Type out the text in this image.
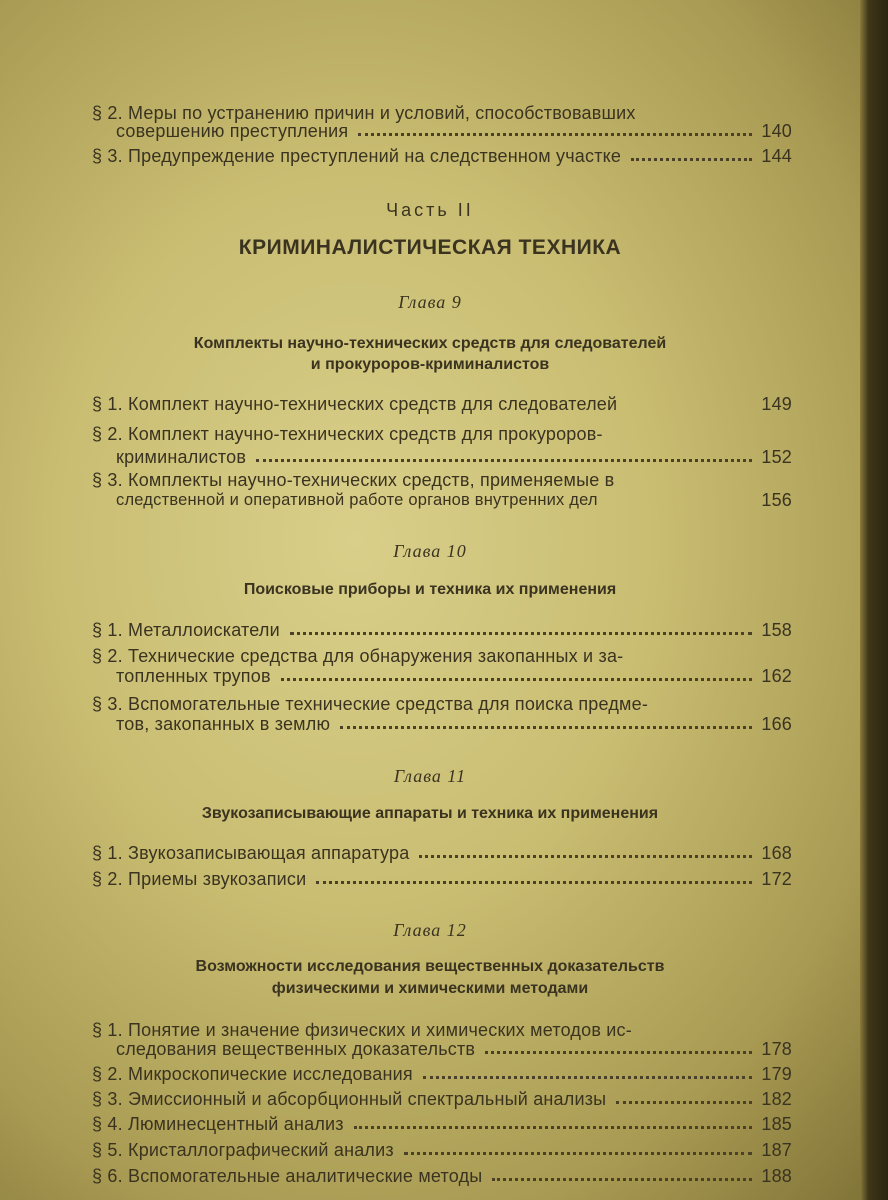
§ 2. Меры по устранению причин и условий, способствовавших
совершению преступления	140
§ 3. Предупреждение преступлений на следственном участке	144
Часть II
КРИМИНАЛИСТИЧЕСКАЯ ТЕХНИКА
Глава 9
Комплекты научно-технических средств для следователей
и прокуроров-криминалистов
§ 1. Комплект научно-технических средств для следователей	149
§ 2. Комплект научно-технических средств для прокуроров-
криминалистов	152
§ 3. Комплекты научно-технических средств, применяемые в
следственной и оперативной работе органов внутренних дел	156
Глава 10
Поисковые приборы и техника их применения
§ 1. Металлоискатели	158
§ 2. Технические средства для обнаружения закопанных и за-
топленных трупов	162
§ 3. Вспомогательные технические средства для поиска предме-
тов, закопанных в землю	166
Глава 11
Звукозаписывающие аппараты и техника их применения
§ 1. Звукозаписывающая аппаратура	168
§ 2. Приемы звукозаписи	172
Глава 12
Возможности исследования вещественных доказательств
физическими и химическими методами
§ 1. Понятие и значение физических и химических методов ис-
следования вещественных доказательств	178
§ 2. Микроскопические исследования	179
§ 3. Эмиссионный и абсорбционный спектральный анализы	182
§ 4. Люминесцентный анализ	185
§ 5. Кристаллографический анализ	187
§ 6. Вспомогательные аналитические методы	188
